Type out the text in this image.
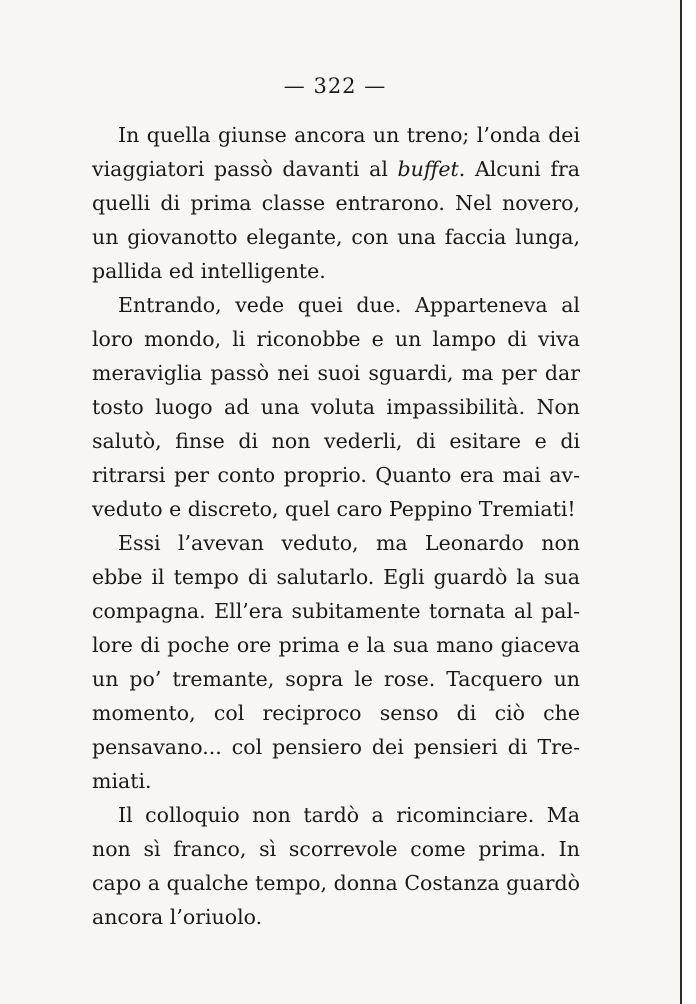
— 322 —

In quella giunse ancora un treno; l’onda dei viaggiatori passò davanti al buffet. Alcuni fra quelli di prima classe entrarono. Nel novero, un giovanotto elegante, con una faccia lunga, pallida ed intelligente.

Entrando, vede quei due. Apparteneva al loro mondo, li riconobbe e un lampo di viva meraviglia passò nei suoi sguardi, ma per dar tosto luogo ad una voluta impassibilità. Non salutò, finse di non vederli, di esitare e di ritrarsi per conto proprio. Quanto era mai avveduto e discreto, quel caro Peppino Tremiati!

Essi l’avevan veduto, ma Leonardo non ebbe il tempo di salutarlo. Egli guardò la sua compagna. Ell’era subitamente tornata al pallore di poche ore prima e la sua mano giaceva un po’ tremante, sopra le rose. Tacquero un momento, col reciproco senso di ciò che pensavano... col pensiero dei pensieri di Tremiati.

Il colloquio non tardò a ricominciare. Ma non sì franco, sì scorrevole come prima. In capo a qualche tempo, donna Costanza guardò ancora l’oriuolo.
